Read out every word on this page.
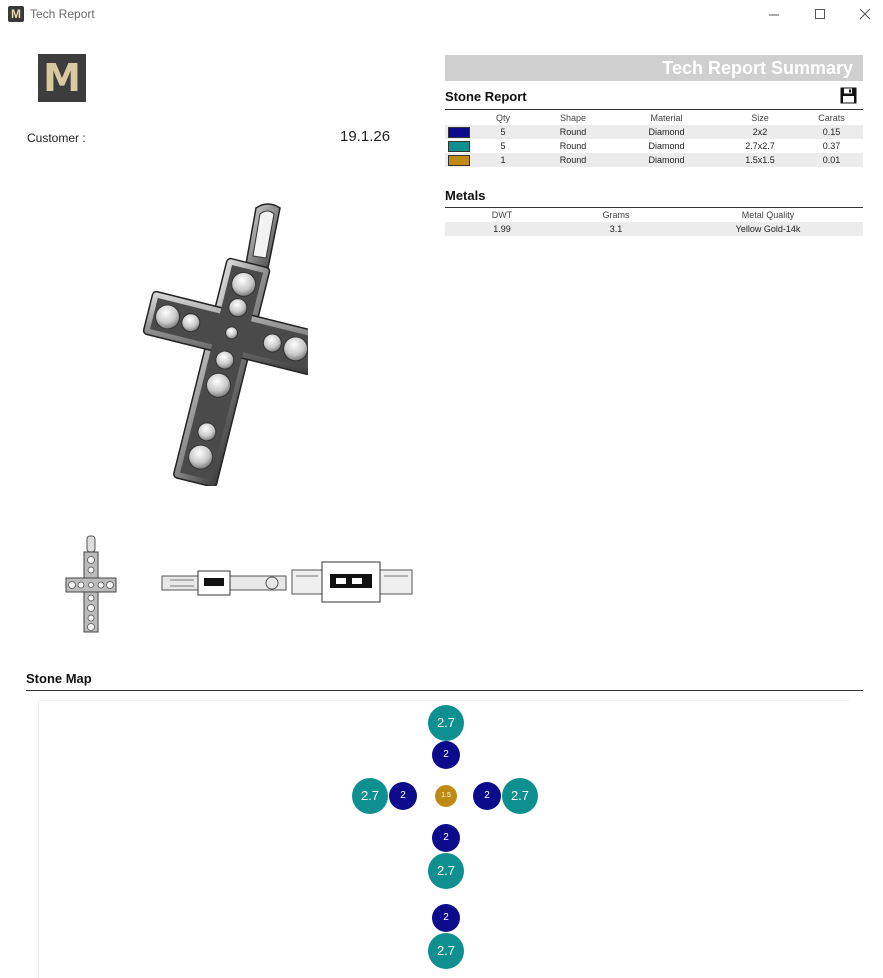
M Tech Report
M
Customer :	19.1.26
Tech Report Summary
Stone Report
	Qty	Shape	Material	Size	Carats
	5	Round	Diamond	2x2	0.15
	5	Round	Diamond	2.7x2.7	0.37
	1	Round	Diamond	1.5x1.5	0.01
Metals
DWT	Grams	Metal Quality
1.99	3.1	Yellow Gold-14k
Stone Map
2.7
2
2.7	2	1.5	2	2.7
2
2.7
2
2.7
